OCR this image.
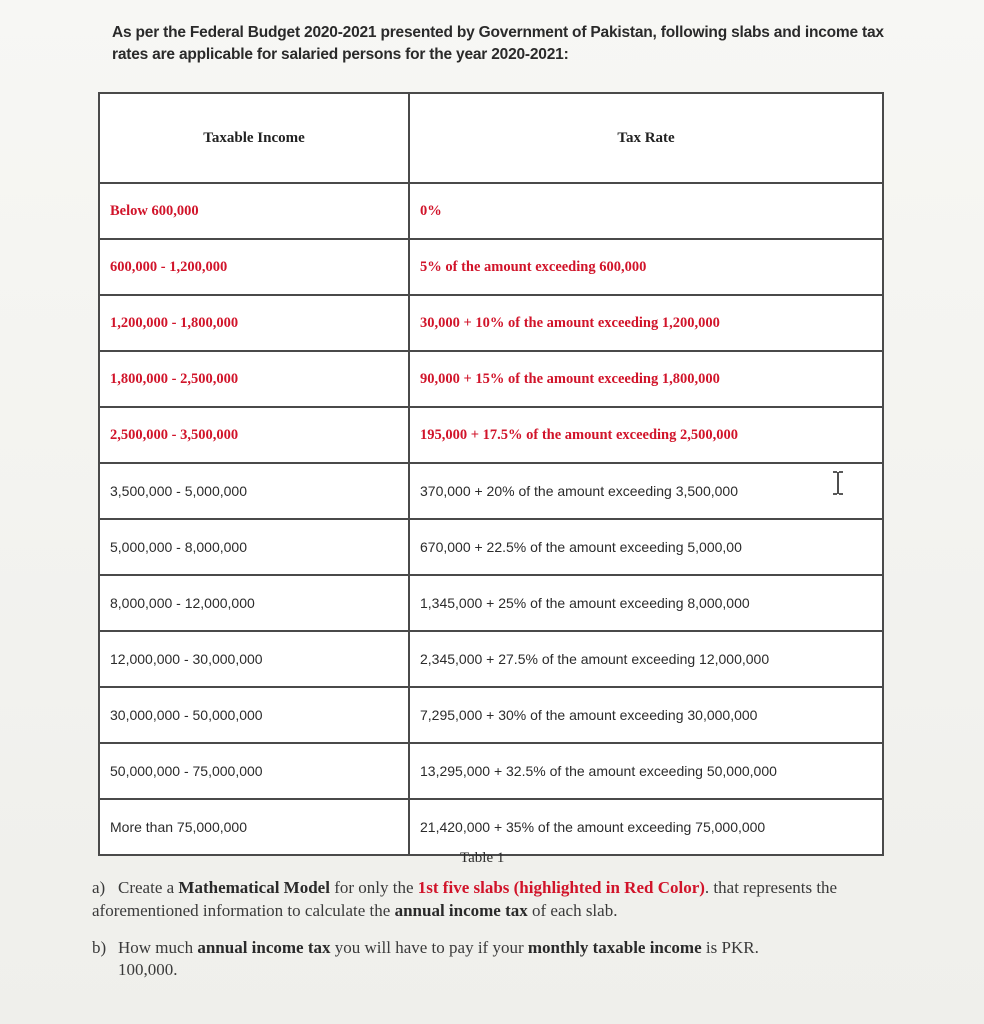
As per the Federal Budget 2020-2021 presented by Government of Pakistan, following slabs and income tax rates are applicable for salaried persons for the year 2020-2021:
Taxable Income	Tax Rate
Below 600,000	0%
600,000 - 1,200,000	5% of the amount exceeding 600,000
1,200,000 - 1,800,000	30,000 + 10% of the amount exceeding 1,200,000
1,800,000 - 2,500,000	90,000 + 15% of the amount exceeding 1,800,000
2,500,000 - 3,500,000	195,000 + 17.5% of the amount exceeding 2,500,000
3,500,000 - 5,000,000	370,000 + 20% of the amount exceeding 3,500,000
5,000,000 - 8,000,000	670,000 + 22.5% of the amount exceeding 5,000,00
8,000,000 - 12,000,000	1,345,000 + 25% of the amount exceeding 8,000,000
12,000,000 - 30,000,000	2,345,000 + 27.5% of the amount exceeding 12,000,000
30,000,000 - 50,000,000	7,295,000 + 30% of the amount exceeding 30,000,000
50,000,000 - 75,000,000	13,295,000 + 32.5% of the amount exceeding 50,000,000
More than 75,000,000	21,420,000 + 35% of the amount exceeding 75,000,000
Table 1
a) Create a Mathematical Model for only the 1st five slabs (highlighted in Red Color). that represents the aforementioned information to calculate the annual income tax of each slab.
b) How much annual income tax you will have to pay if your monthly taxable income is PKR.
100,000.
